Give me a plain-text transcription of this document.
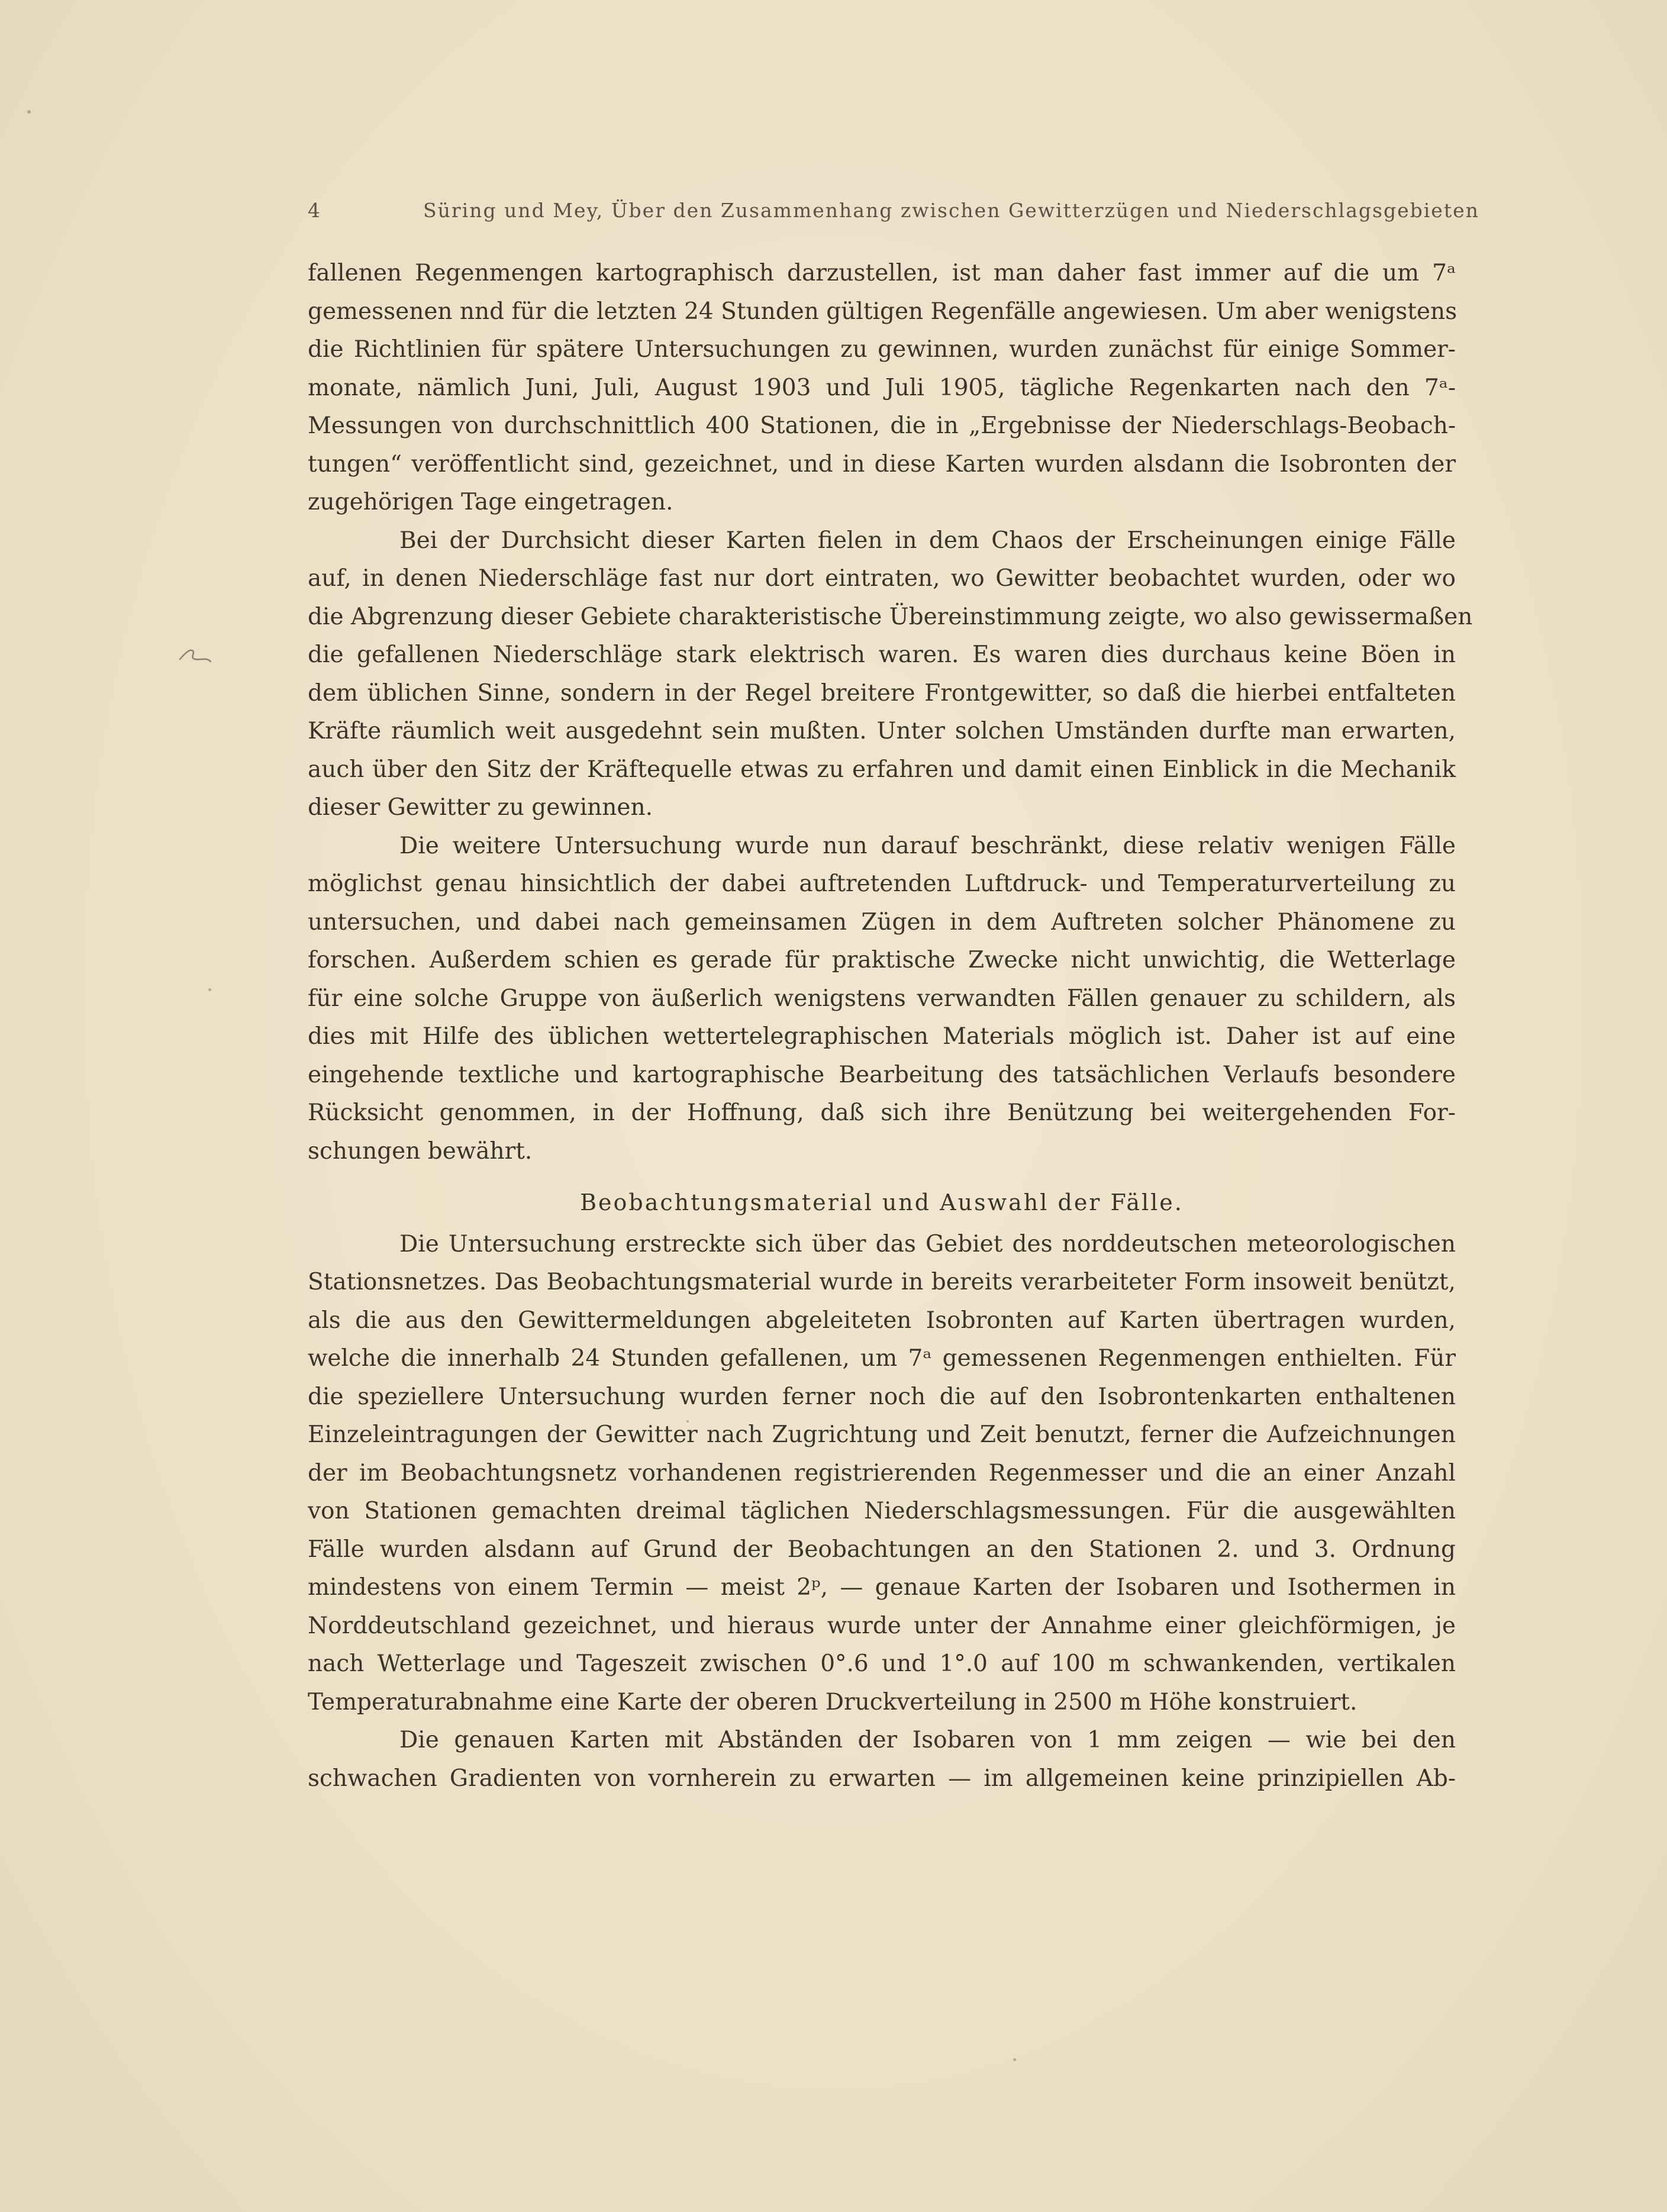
4	Süring und Mey, Über den Zusammenhang zwischen Gewitterzügen und Niederschlagsgebieten
fallenen Regenmengen kartographisch darzustellen, ist man daher fast immer auf die um 7ᵃ
gemessenen nnd für die letzten 24 Stunden gültigen Regenfälle angewiesen. Um aber wenigstens
die Richtlinien für spätere Untersuchungen zu gewinnen, wurden zunächst für einige Sommer-
monate, nämlich Juni, Juli, August 1903 und Juli 1905, tägliche Regenkarten nach den 7ᵃ-
Messungen von durchschnittlich 400 Stationen, die in „Ergebnisse der Niederschlags-Beobach-
tungen“ veröffentlicht sind, gezeichnet, und in diese Karten wurden alsdann die Isobronten der
zugehörigen Tage eingetragen.
Bei der Durchsicht dieser Karten fielen in dem Chaos der Erscheinungen einige Fälle
auf, in denen Niederschläge fast nur dort eintraten, wo Gewitter beobachtet wurden, oder wo
die Abgrenzung dieser Gebiete charakteristische Übereinstimmung zeigte, wo also gewissermaßen
die gefallenen Niederschläge stark elektrisch waren. Es waren dies durchaus keine Böen in
dem üblichen Sinne, sondern in der Regel breitere Frontgewitter, so daß die hierbei entfalteten
Kräfte räumlich weit ausgedehnt sein mußten. Unter solchen Umständen durfte man erwarten,
auch über den Sitz der Kräftequelle etwas zu erfahren und damit einen Einblick in die Mechanik
dieser Gewitter zu gewinnen.
Die weitere Untersuchung wurde nun darauf beschränkt, diese relativ wenigen Fälle
möglichst genau hinsichtlich der dabei auftretenden Luftdruck- und Temperaturverteilung zu
untersuchen, und dabei nach gemeinsamen Zügen in dem Auftreten solcher Phänomene zu
forschen. Außerdem schien es gerade für praktische Zwecke nicht unwichtig, die Wetterlage
für eine solche Gruppe von äußerlich wenigstens verwandten Fällen genauer zu schildern, als
dies mit Hilfe des üblichen wettertelegraphischen Materials möglich ist. Daher ist auf eine
eingehende textliche und kartographische Bearbeitung des tatsächlichen Verlaufs besondere
Rücksicht genommen, in der Hoffnung, daß sich ihre Benützung bei weitergehenden For-
schungen bewährt.
Beobachtungsmaterial und Auswahl der Fälle.
Die Untersuchung erstreckte sich über das Gebiet des norddeutschen meteorologischen
Stationsnetzes. Das Beobachtungsmaterial wurde in bereits verarbeiteter Form insoweit benützt,
als die aus den Gewittermeldungen abgeleiteten Isobronten auf Karten übertragen wurden,
welche die innerhalb 24 Stunden gefallenen, um 7ᵃ gemessenen Regenmengen enthielten. Für
die speziellere Untersuchung wurden ferner noch die auf den Isobrontenkarten enthaltenen
Einzeleintragungen der Gewitter nach Zugrichtung und Zeit benutzt, ferner die Aufzeichnungen
der im Beobachtungsnetz vorhandenen registrierenden Regenmesser und die an einer Anzahl
von Stationen gemachten dreimal täglichen Niederschlagsmessungen. Für die ausgewählten
Fälle wurden alsdann auf Grund der Beobachtungen an den Stationen 2. und 3. Ordnung
mindestens von einem Termin — meist 2ᵖ, — genaue Karten der Isobaren und Isothermen in
Norddeutschland gezeichnet, und hieraus wurde unter der Annahme einer gleichförmigen, je
nach Wetterlage und Tageszeit zwischen 0°.6 und 1°.0 auf 100 m schwankenden, vertikalen
Temperaturabnahme eine Karte der oberen Druckverteilung in 2500 m Höhe konstruiert.
Die genauen Karten mit Abständen der Isobaren von 1 mm zeigen — wie bei den
schwachen Gradienten von vornherein zu erwarten — im allgemeinen keine prinzipiellen Ab-
